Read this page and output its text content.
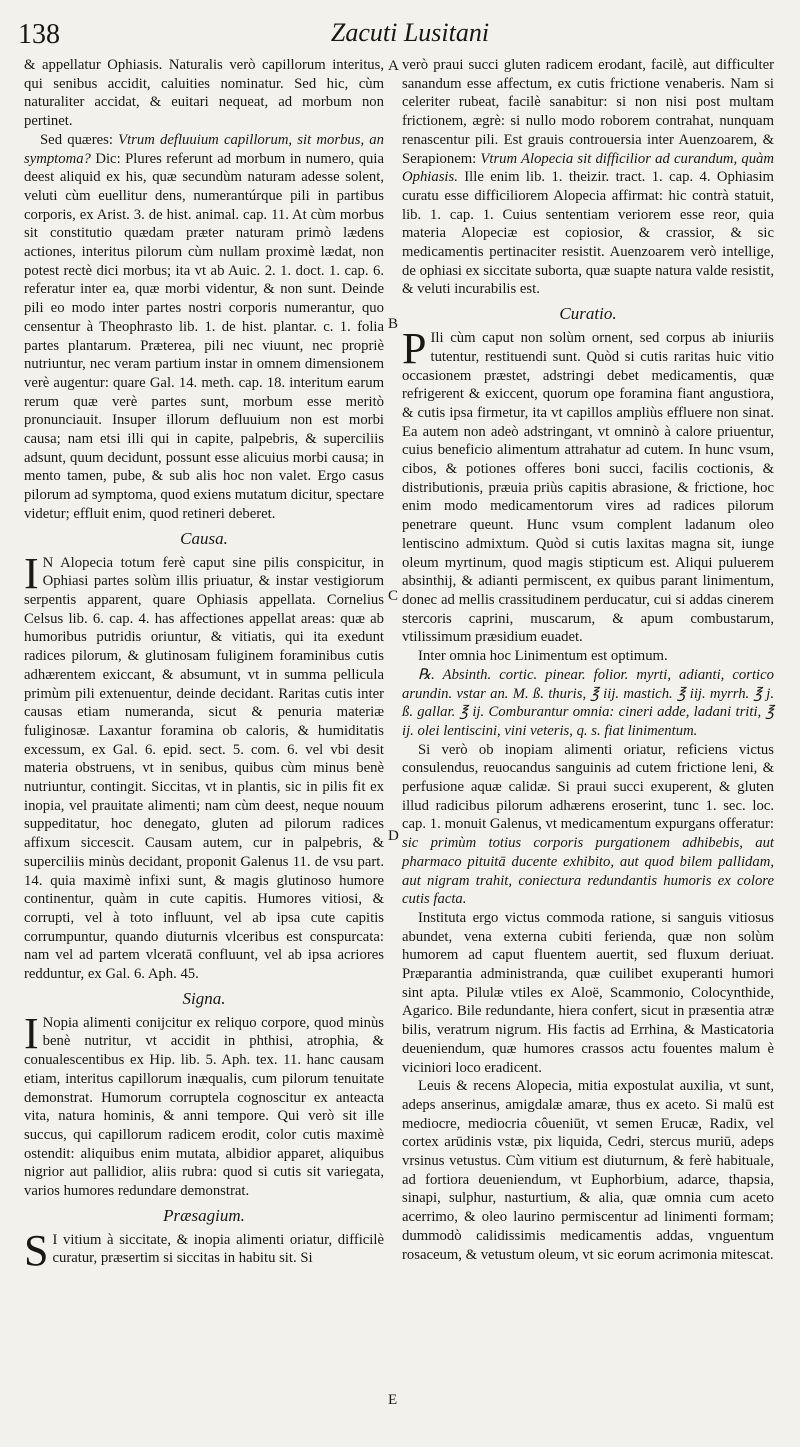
138	Zacuti Lusitani
A
B
C
D
E

& appellatur Ophiasis. Naturalis verò capillorum interitus, qui senibus accidit, caluities nominatur. Sed hic, cùm naturaliter accidat, & euitari nequeat, ad morbum non pertinet.

Sed quæres: Vtrum defluuium capillorum, sit morbus, an symptoma? Dic: Plures referunt ad morbum in numero, quia deest aliquid ex his, quæ secundùm naturam adesse solent, veluti cùm euellitur dens, numerantúrque pili in partibus corporis, ex Arist. 3. de hist. animal. cap. 11. At cùm morbus sit constitutio quædam præter naturam primò lædens actiones, interitus pilorum cùm nullam proximè lædat, non potest rectè dici morbus; ita vt ab Auic. 2. 1. doct. 1. cap. 6. referatur inter ea, quæ morbi videntur, & non sunt. Deinde pili eo modo inter partes nostri corporis numerantur, quo censentur à Theophrasto lib. 1. de hist. plantar. c. 1. folia partes plantarum. Præterea, pili nec viuunt, nec propriè nutriuntur, nec veram partium instar in omnem dimensionem verè augentur: quare Gal. 14. meth. cap. 18. interitum earum rerum quæ verè partes sunt, morbum esse meritò pronunciauit. Insuper illorum defluuium non est morbi causa; nam etsi illi qui in capite, palpebris, & superciliis adsunt, quum decidunt, possunt esse alicuius morbi causa; in mento tamen, pube, & sub alis hoc non valet. Ergo casus pilorum ad symptoma, quod exiens mutatum dicitur, spectare videtur; effluit enim, quod retineri deberet.

Causa.

I N Alopecia totum ferè caput sine pilis conspicitur, in Ophiasi partes solùm illis priuatur, & instar vestigiorum serpentis apparent, quare Ophiasis appellata. Cornelius Celsus lib. 6. cap. 4. has affectiones appellat areas: quæ ab humoribus putridis oriuntur, & vitiatis, qui ita exedunt radices pilorum, & glutinosam fuliginem foraminibus cutis adhærentem exiccant, & absumunt, vt in summa pellicula primùm pili extenuentur, deinde decidant. Raritas cutis inter causas etiam numeranda, sicut & penuria materiæ fuliginosæ. Laxantur foramina ob caloris, & humiditatis excessum, ex Gal. 6. epid. sect. 5. com. 6. vel vbi desit materia obstruens, vt in senibus, quibus cùm minus benè nutriuntur, contingit. Siccitas, vt in plantis, sic in pilis fit ex inopia, vel prauitate alimenti; nam cùm deest, neque nouum suppeditatur, hoc denegato, gluten ad pilorum radices affixum siccescit. Causam autem, cur in palpebris, & superciliis minùs decidant, proponit Galenus 11. de vsu part. 14. quia maximè infixi sunt, & magis glutinoso humore continentur, quàm in cute capitis. Humores vitiosi, & corrupti, vel à toto influunt, vel ab ipsa cute capitis corrumpuntur, quando diuturnis vlceribus est conspurcata: nam vel ad partem vlceratā confluunt, vel ab ipsa acriores redduntur, ex Gal. 6. Aph. 45.

Signa.

I Nopia alimenti conijcitur ex reliquo corpore, quod minùs benè nutritur, vt accidit in phthisi, atrophia, & conualescentibus ex Hip. lib. 5. Aph. tex. 11. hanc causam etiam, interitus capillorum inæqualis, cum pilorum tenuitate demonstrat. Humorum corruptela cognoscitur ex anteacta vita, natura hominis, & anni tempore. Qui verò sit ille succus, qui capillorum radicem erodit, color cutis maximè ostendit: aliquibus enim mutata, albidior apparet, aliquibus nigrior aut pallidior, aliis rubra: quod si cutis sit variegata, varios humores redundare demonstrat.

Præsagium.

S I vitium à siccitate, & inopia alimenti oriatur, difficilè curatur, præsertim si siccitas in habitu sit. Si

verò praui succi gluten radicem erodant, facilè, aut difficulter sanandum esse affectum, ex cutis frictione venaberis. Nam si celeriter rubeat, facilè sanabitur: si non nisi post multam frictionem, ægrè: si nullo modo roborem contrahat, nunquam renascentur pili. Est grauis controuersia inter Auenzoarem, & Serapionem: Vtrum Alopecia sit difficilior ad curandum, quàm Ophiasis. Ille enim lib. 1. theizir. tract. 1. cap. 4. Ophiasim curatu esse difficiliorem Alopecia affirmat: hic contrà statuit, lib. 1. cap. 1. Cuius sententiam veriorem esse reor, quia materia Alopeciæ est copiosior, & crassior, & sic medicamentis pertinaciter resistit. Auenzoarem verò intellige, de ophiasi ex siccitate suborta, quæ suapte natura valde resistit, & veluti incurabilis est.

Curatio.

P Ili cùm caput non solùm ornent, sed corpus ab iniuriis tutentur, restituendi sunt. Quòd si cutis raritas huic vitio occasionem præstet, adstringi debet medicamentis, quæ refrigerent & exiccent, quorum ope foramina fiant angustiora, & cutis ipsa firmetur, ita vt capillos ampliùs effluere non sinat. Ea autem non adeò adstringant, vt omninò à calore priuentur, cuius beneficio alimentum attrahatur ad cutem. In hunc vsum, cibos, & potiones offeres boni succi, facilis coctionis, & distributionis, præuia priùs capitis abrasione, & frictione, hoc enim modo medicamentorum vires ad radices pilorum penetrare queunt. Hunc vsum complent ladanum oleo lentiscino admixtum. Quòd si cutis laxitas magna sit, iunge oleum myrtinum, quod magis stipticum est. Aliqui puluerem absinthij, & adianti permiscent, ex quibus parant linimentum, donec ad mellis crassitudinem perducatur, cui si addas cinerem stercoris caprini, muscarum, & apum combustarum, vtilissimum præsidium euadet.

Inter omnia hoc Linimentum est optimum.

℞. Absinth. cortic. pinear. folior. myrti, adianti, cortico arundin. vstar an. M. ß. thuris, ℥ iij. mastich. ℥ iij. myrrh. ℥ j. ß. gallar. ℥ ij. Comburantur omnia: cineri adde, ladani triti, ℥ ij. olei lentiscini, vini veteris, q. s. fiat linimentum.

Si verò ob inopiam alimenti oriatur, reficiens victus consulendus, reuocandus sanguinis ad cutem frictione leni, & perfusione aquæ calidæ. Si praui succi exuperent, & gluten illud radicibus pilorum adhærens eroserint, tunc 1. sec. loc. cap. 1. monuit Galenus, vt medicamentum expurgans offeratur: sic primùm totius corporis purgationem adhibebis, aut pharmaco pituitā ducente exhibito, aut quod bilem pallidam, aut nigram trahit, coniectura redundantis humoris ex colore cutis facta.

Instituta ergo victus commoda ratione, si sanguis vitiosus abundet, vena externa cubiti ferienda, quæ non solùm humorem ad caput fluentem auertit, sed fluxum deriuat. Præparantia administranda, quæ cuilibet exuperanti humori sint apta. Pilulæ vtiles ex Aloë, Scammonio, Colocynthide, Agarico. Bile redundante, hiera confert, sicut in præsentia atræ bilis, veratrum nigrum. His factis ad Errhina, & Masticatoria deueniendum, quæ humores crassos actu fouentes malum è viciniori loco eradicent.

Leuis & recens Alopecia, mitia expostulat auxilia, vt sunt, adeps anserinus, amigdalæ amaræ, thus ex aceto. Si malū est mediocre, mediocria côueniūt, vt semen Erucæ, Radix, vel cortex arūdinis vstæ, pix liquida, Cedri, stercus muriū, adeps vrsinus vetustus. Cùm vitium est diuturnum, & ferè habituale, ad fortiora deueniendum, vt Euphorbium, adarce, thapsia, sinapi, sulphur, nasturtium, & alia, quæ omnia cum aceto acerrimo, & oleo laurino permiscentur ad linimenti formam; dummodò calidissimis medicamentis addas, vnguentum rosaceum, & vetustum oleum, vt sic eorum acrimonia mitescat.
